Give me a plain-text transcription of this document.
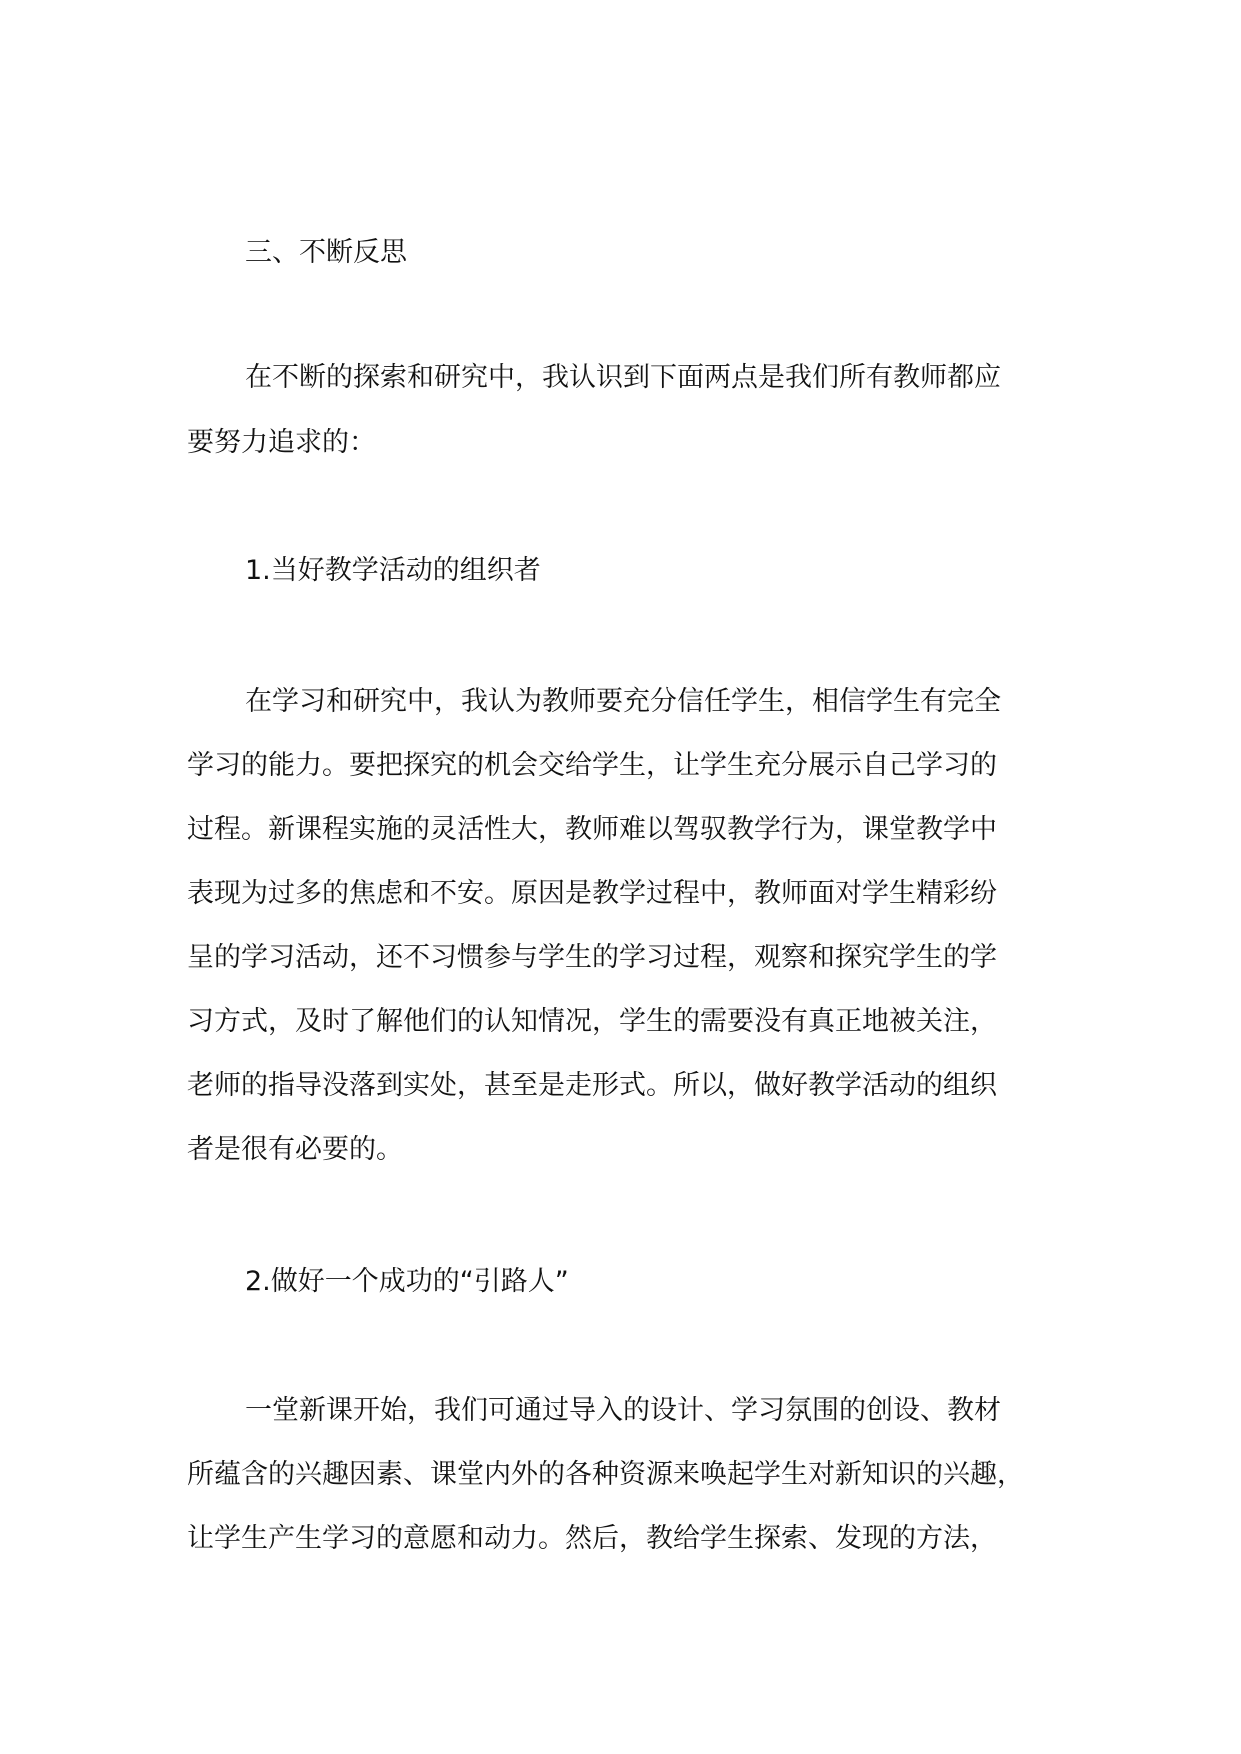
三、不断反思
在不断的探索和研究中，我认识到下面两点是我们所有教师都应
要努力追求的：
1.当好教学活动的组织者
在学习和研究中，我认为教师要充分信任学生，相信学生有完全
学习的能力。要把探究的机会交给学生，让学生充分展示自己学习的
过程。新课程实施的灵活性大，教师难以驾驭教学行为，课堂教学中
表现为过多的焦虑和不安。原因是教学过程中，教师面对学生精彩纷
呈的学习活动，还不习惯参与学生的学习过程，观察和探究学生的学
习方式，及时了解他们的认知情况，学生的需要没有真正地被关注，
老师的指导没落到实处，甚至是走形式。所以，做好教学活动的组织
者是很有必要的。
2.做好一个成功的“引路人”
一堂新课开始，我们可通过导入的设计、学习氛围的创设、教材
所蕴含的兴趣因素、课堂内外的各种资源来唤起学生对新知识的兴趣，
让学生产生学习的意愿和动力。然后，教给学生探索、发现的方法，
